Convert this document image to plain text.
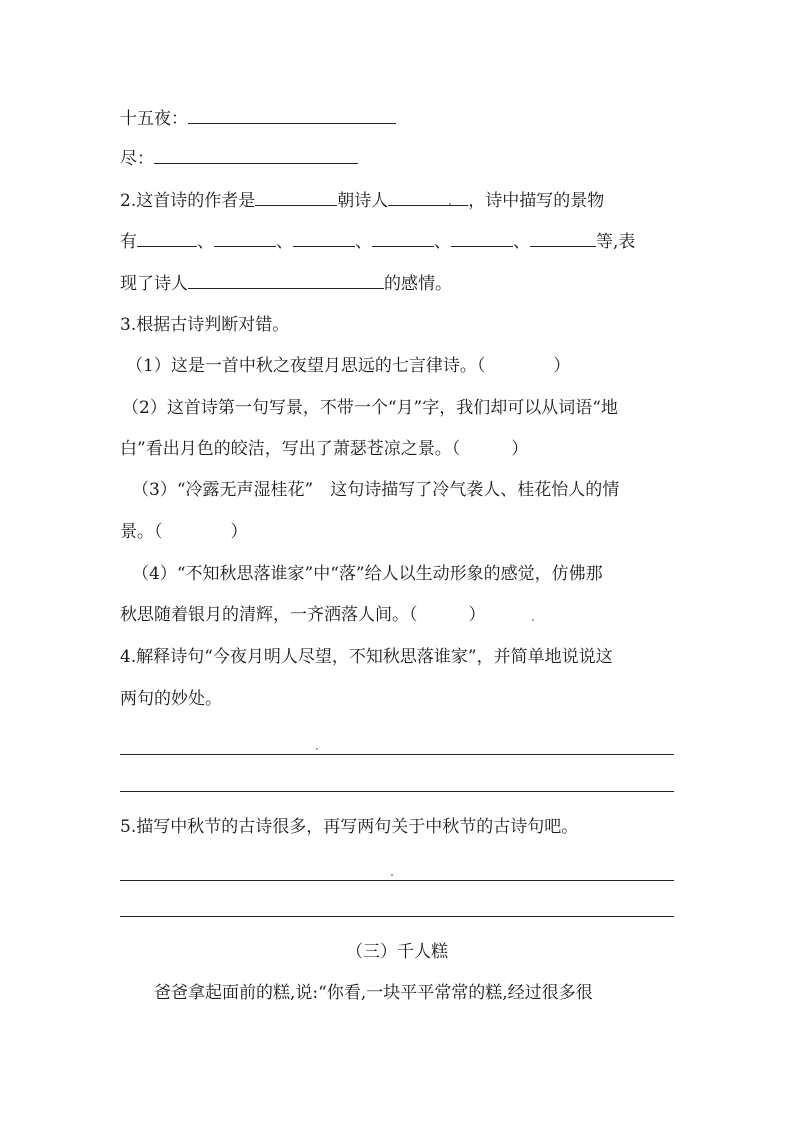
十五夜：
尽：
2.这首诗的作者是	朝诗人	，诗中描写的景物
有	、	、	、	、	、	等,表
现了诗人	的感情。
3.根据古诗判断对错。
（1）这是一首中秋之夜望月思远的七言律诗。（　　　　）
（2）这首诗第一句写景，不带一个“月”字，我们却可以从词语“地
白”看出月色的皎洁，写出了萧瑟苍凉之景。（　　　）
（3）“冷露无声湿桂花”　这句诗描写了冷气袭人、桂花怡人的情
景。（　　　　）
（4）“不知秋思落谁家”中“落”给人以生动形象的感觉，仿佛那
秋思随着银月的清辉，一齐洒落人间。（　　　）
4.解释诗句“今夜月明人尽望，不知秋思落谁家”，并简单地说说这
两句的妙处。
5.描写中秋节的古诗很多，再写两句关于中秋节的古诗句吧。
（三）千人糕
爸爸拿起面前的糕,说:“你看,一块平平常常的糕,经过很多很
